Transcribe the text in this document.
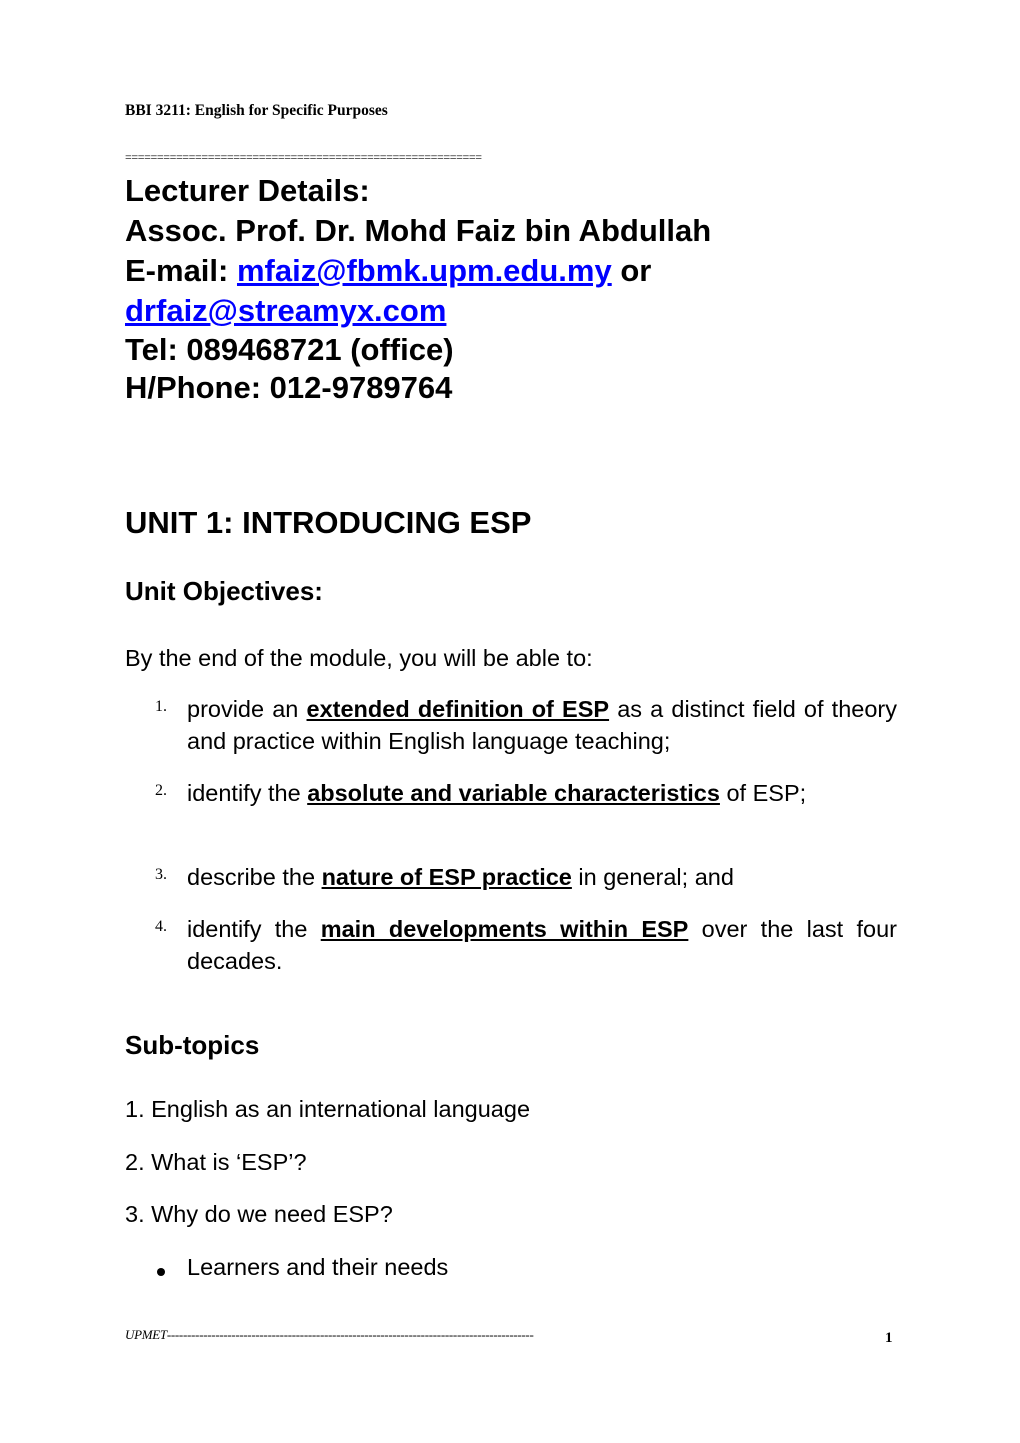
BBI 3211: English for Specific Purposes
========================================================
Lecturer Details:
Assoc. Prof. Dr. Mohd Faiz bin Abdullah
E-mail: mfaiz@fbmk.upm.edu.my or
drfaiz@streamyx.com
Tel: 089468721 (office)
H/Phone: 012-9789764
UNIT 1: INTRODUCING ESP
Unit Objectives:
By the end of the module, you will be able to:
1. provide an extended definition of ESP as a distinct field of theory and practice within English language teaching;
2. identify the absolute and variable characteristics of ESP;
3. describe the nature of ESP practice in general; and
4. identify the main developments within ESP over the last four decades.
Sub-topics
1. English as an international language
2. What is ‘ESP’?
3. Why do we need ESP?
Learners and their needs
UPMET-------------------------------------------------------------------------------------------	1
